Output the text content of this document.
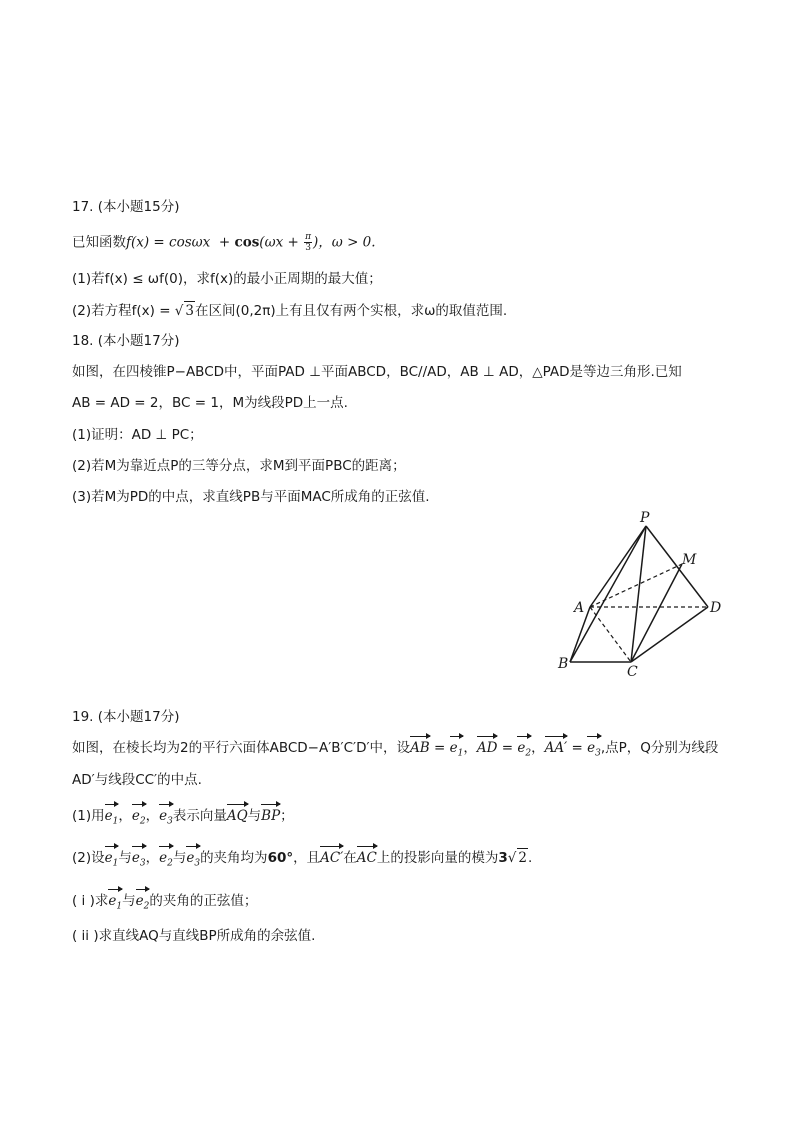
17. (本小题15分)
已知函数$f(x) = \cos\omega x + \cos(\omega x + \frac{\pi}{3}$ )，ω > 0.
(1)若f(x) ≤ ωf(0)，求f(x)的最小正周期的最大值；
(2)若方程f(x) = √ 3在区间(0,2π)上有且仅有两个实根，求ω的取值范围.
18. (本小题17分)
如图，在四棱锥P−ABCD中，平面PAD ⊥平面ABCD，BC//AD，AB ⊥ AD，△PAD是等边三角形.已知
AB = AD = 2，BC = 1，M为线段PD上一点.
(1)证明：AD ⊥ PC；
(2)若M为靠近点P的三等分点，求M到平面PBC的距离；
(3)若M为PD的中点，求直线PB与平面MAC所成角的正弦值.
P
M
A	D
B	C
19. (本小题17分)
如图，在棱长均为2的平行六面体ABCD−A′B′C′D′中，设AB = $e_1$，AD = $e_2$，$AA' = e_3$,点P，Q分别为线段
AD′与线段CC′的中点.
(1)用$e_1$，$e_2$，$e_3$表示向量AQ与BP；
(2)设$e_1$与$e_3$，$e_2$与$e_3$的夹角均为60°，且AC′在AC上的投影向量的模为3√ 2.
( i )求$e_1$与$e_2$的夹角的正弦值；
( ii )求直线AQ与直线BP所成角的余弦值.
